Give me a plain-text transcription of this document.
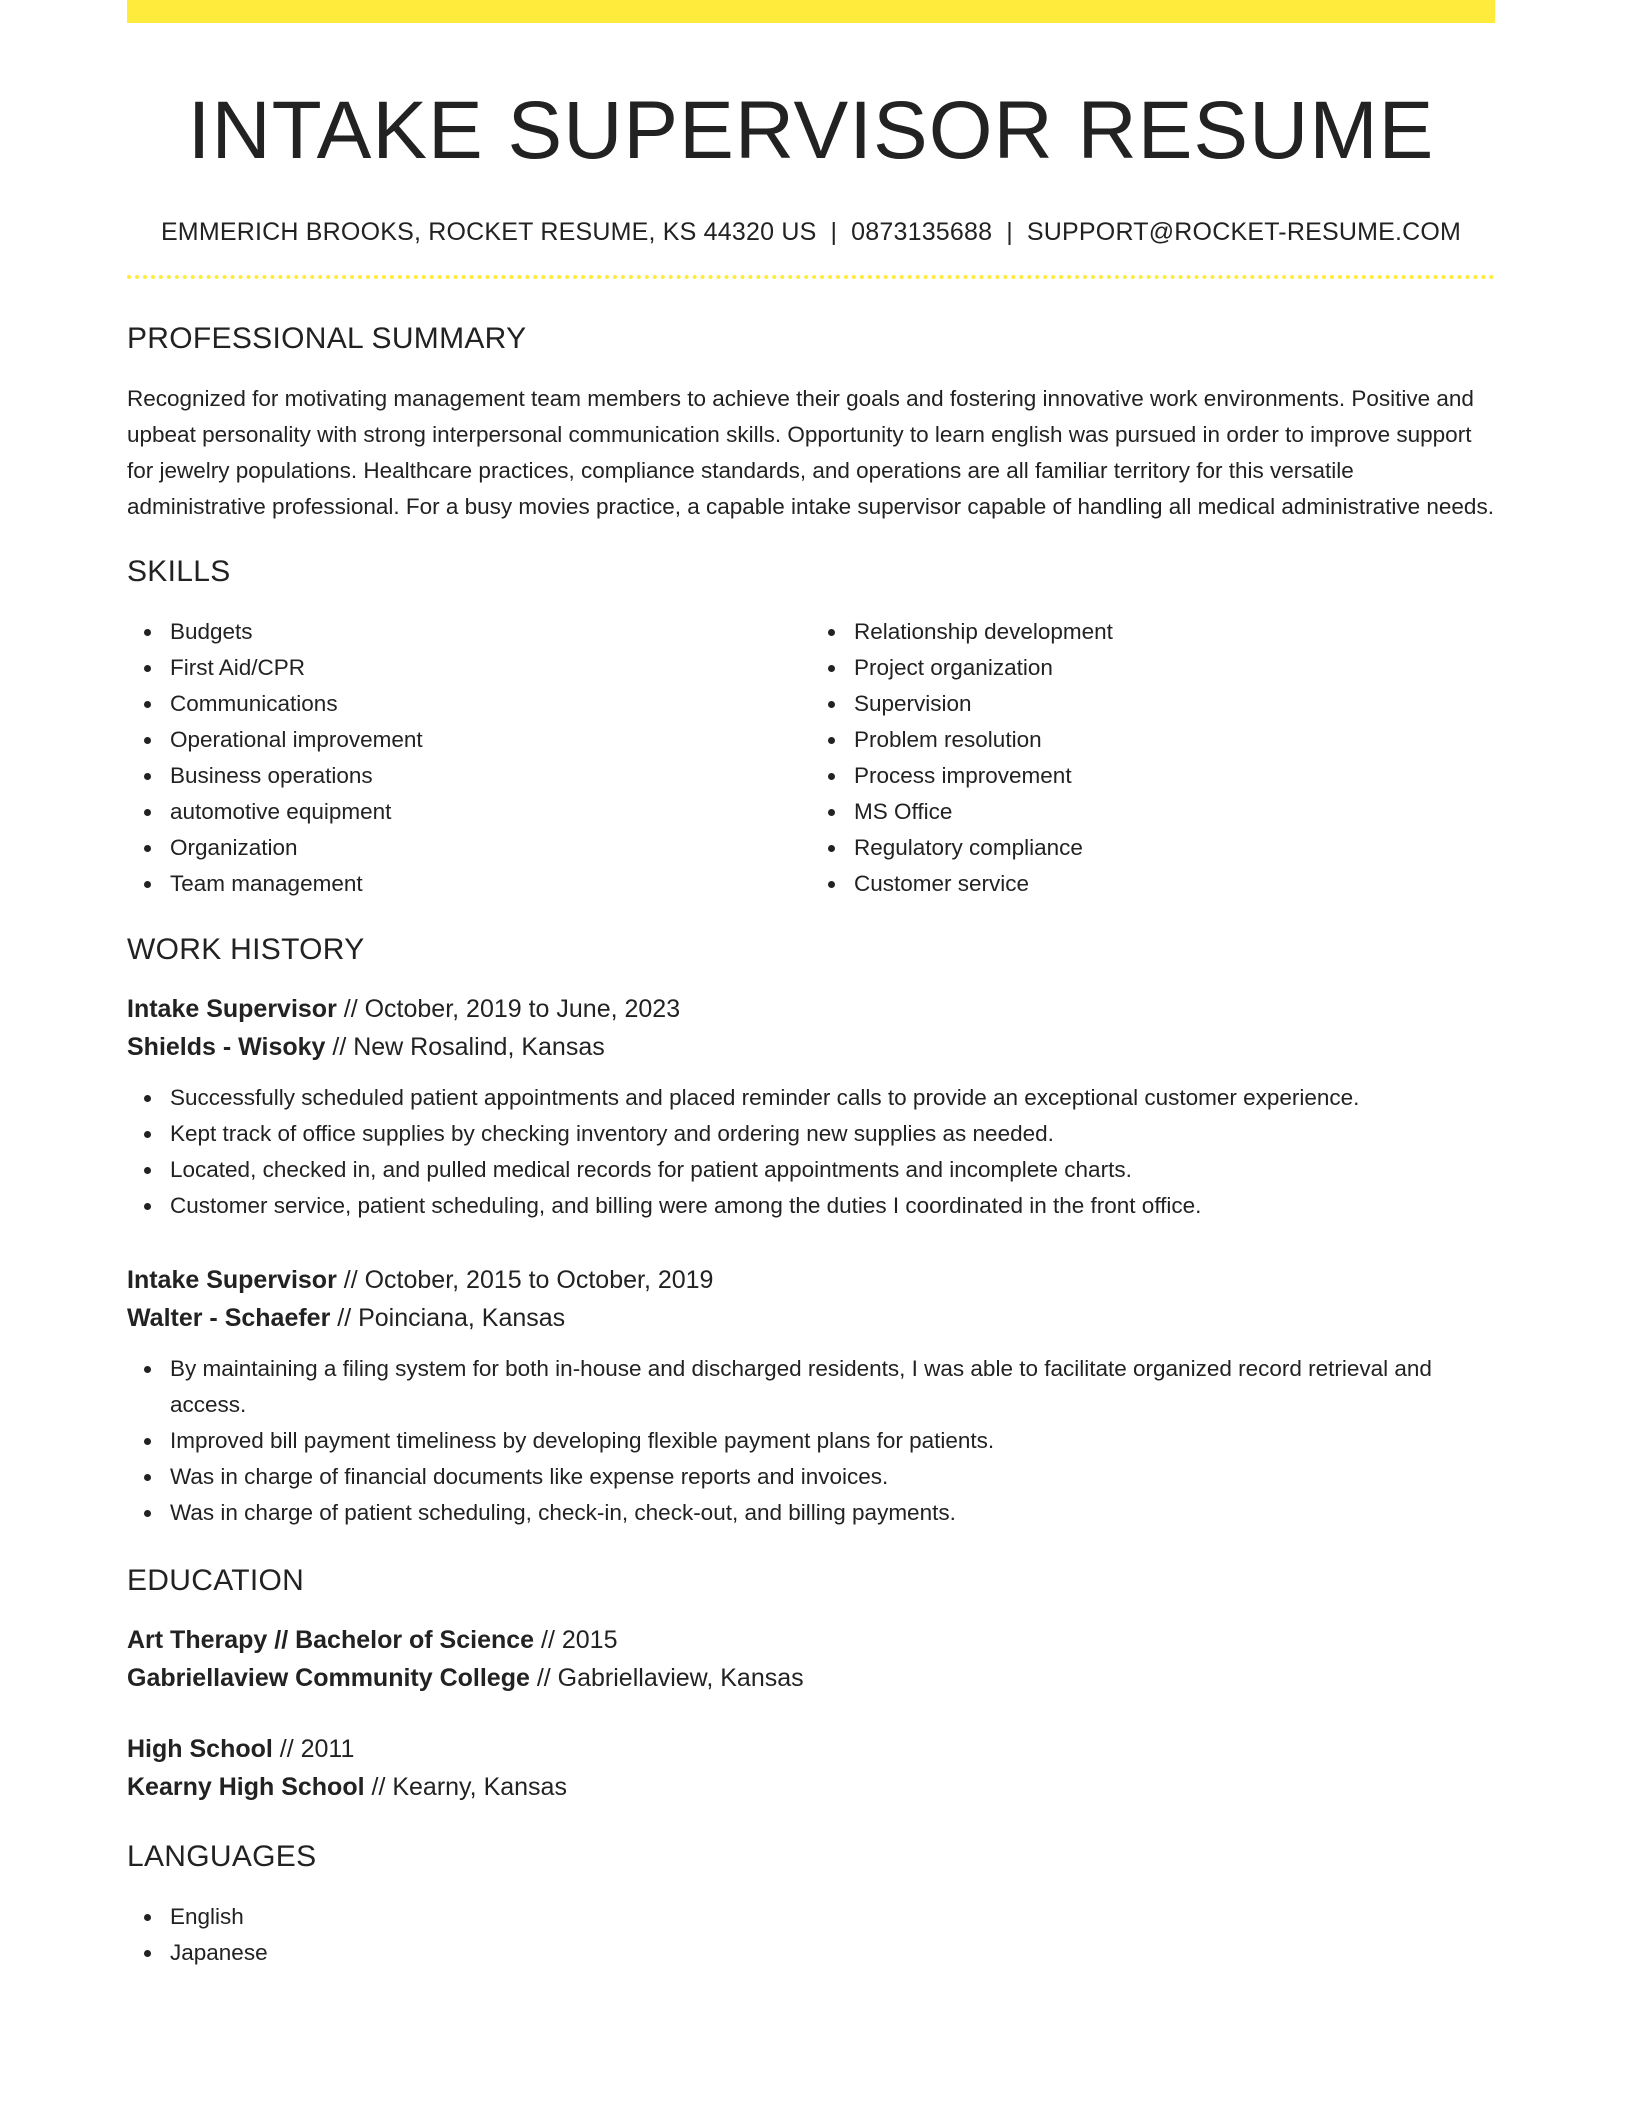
INTAKE SUPERVISOR RESUME
EMMERICH BROOKS, ROCKET RESUME, KS 44320 US | 0873135688 | SUPPORT@ROCKET-RESUME.COM
PROFESSIONAL SUMMARY

Recognized for motivating management team members to achieve their goals and fostering innovative work environments. Positive and upbeat personality with strong interpersonal communication skills. Opportunity to learn english was pursued in order to improve support for jewelry populations. Healthcare practices, compliance standards, and operations are all familiar territory for this versatile administrative professional. For a busy movies practice, a capable intake supervisor capable of handling all medical administrative needs.

SKILLS
Budgets
First Aid/CPR
Communications
Operational improvement
Business operations
automotive equipment
Organization
Team management
Relationship development
Project organization
Supervision
Problem resolution
Process improvement
MS Office
Regulatory compliance
Customer service
WORK HISTORY
Intake Supervisor // October, 2019 to June, 2023
Shields - Wisoky // New Rosalind, Kansas
Successfully scheduled patient appointments and placed reminder calls to provide an exceptional customer experience.
Kept track of office supplies by checking inventory and ordering new supplies as needed.
Located, checked in, and pulled medical records for patient appointments and incomplete charts.
Customer service, patient scheduling, and billing were among the duties I coordinated in the front office.
Intake Supervisor // October, 2015 to October, 2019
Walter - Schaefer // Poinciana, Kansas
By maintaining a filing system for both in-house and discharged residents, I was able to facilitate organized record retrieval and access.
Improved bill payment timeliness by developing flexible payment plans for patients.
Was in charge of financial documents like expense reports and invoices.
Was in charge of patient scheduling, check-in, check-out, and billing payments.
EDUCATION
Art Therapy // Bachelor of Science // 2015
Gabriellaview Community College // Gabriellaview, Kansas
High School // 2011
Kearny High School // Kearny, Kansas
LANGUAGES
English
Japanese
